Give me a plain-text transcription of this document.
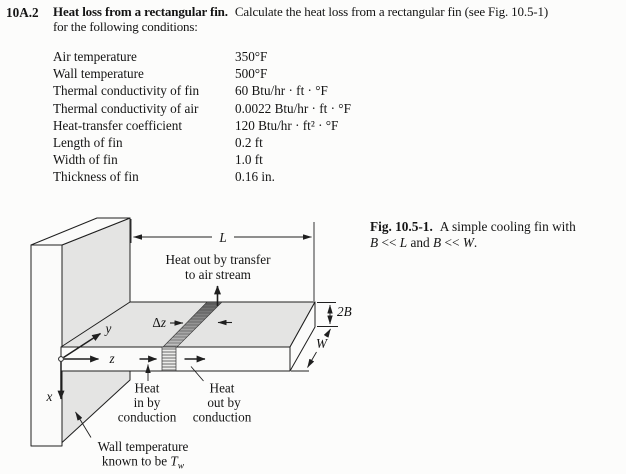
10A.2 Heat loss from a rectangular fin. Calculate the heat loss from a rectangular fin (see Fig. 10.5-1)
for the following conditions:
Air temperature	350°F
Wall temperature	500°F
Thermal conductivity of fin	60 Btu/hr · ft · °F
Thermal conductivity of air	0.0022 Btu/hr · ft · °F
Heat-transfer coefficient	120 Btu/hr · ft² · °F
Length of fin	0.2 ft
Width of fin	1.0 ft
Thickness of fin	0.16 in.
Fig. 10.5-1. A simple cooling fin with
B << L and B << W.
L
2B
W
Heat out by transfer
to air stream
Δz
Heat
in by
conduction
Heat
out by
conduction
Wall temperature
known to be $T_w$
y
z
x
